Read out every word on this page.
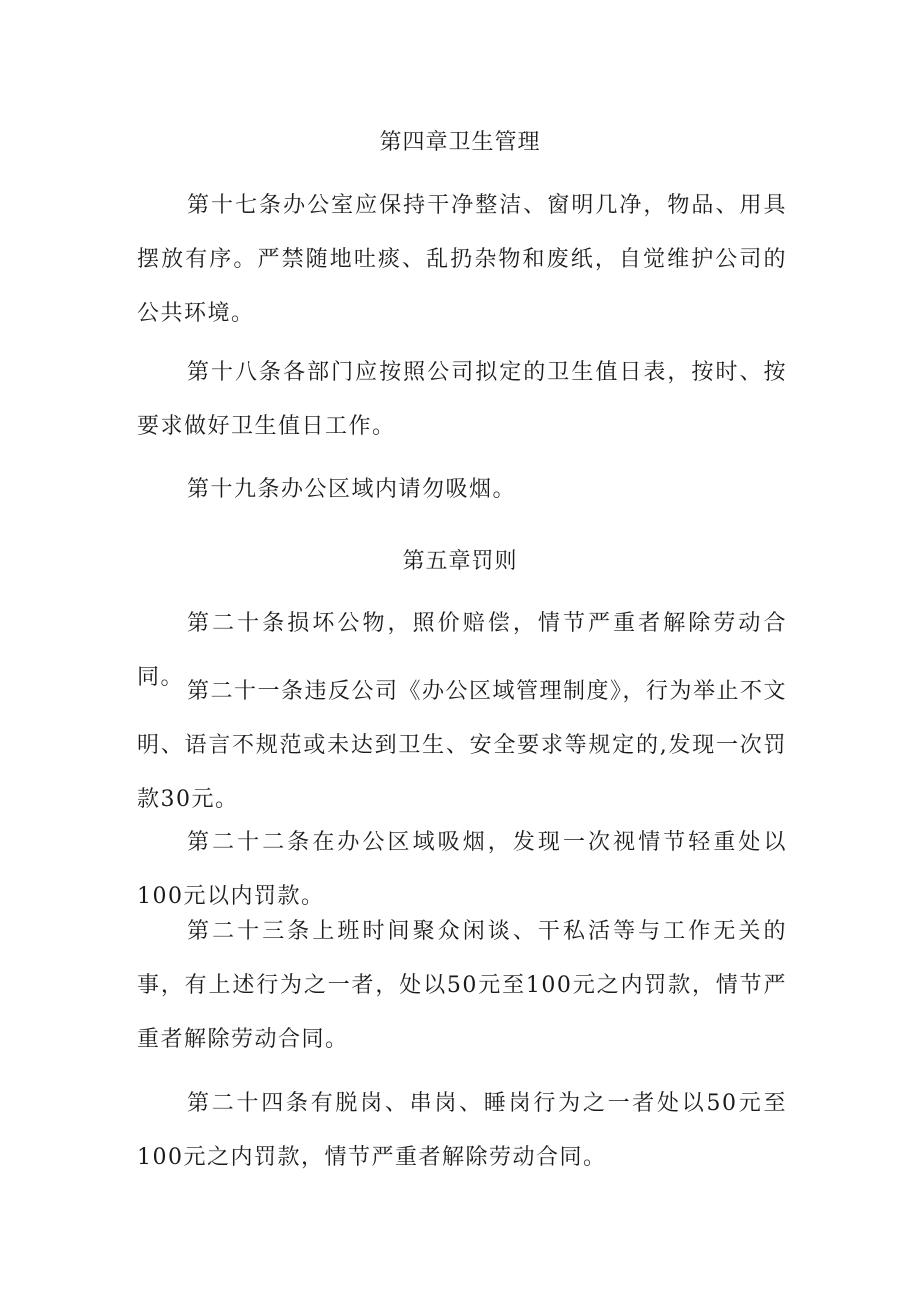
第四章卫生管理

第十七条办公室应保持干净整洁、窗明几净，物品、用具摆放有序。严禁随地吐痰、乱扔杂物和废纸，自觉维护公司的公共环境。

第十八条各部门应按照公司拟定的卫生值日表，按时、按要求做好卫生值日工作。

第十九条办公区域内请勿吸烟。

第五章罚则

第二十条损坏公物，照价赔偿，情节严重者解除劳动合同。

第二十一条违反公司《办公区域管理制度》，行为举止不文明、语言不规范或未达到卫生、安全要求等规定的,发现一次罚款30元。

第二十二条在办公区域吸烟，发现一次视情节轻重处以100元以内罚款。

第二十三条上班时间聚众闲谈、干私活等与工作无关的事，有上述行为之一者，处以50元至100元之内罚款，情节严重者解除劳动合同。

第二十四条有脱岗、串岗、睡岗行为之一者处以50元至100元之内罚款，情节严重者解除劳动合同。
